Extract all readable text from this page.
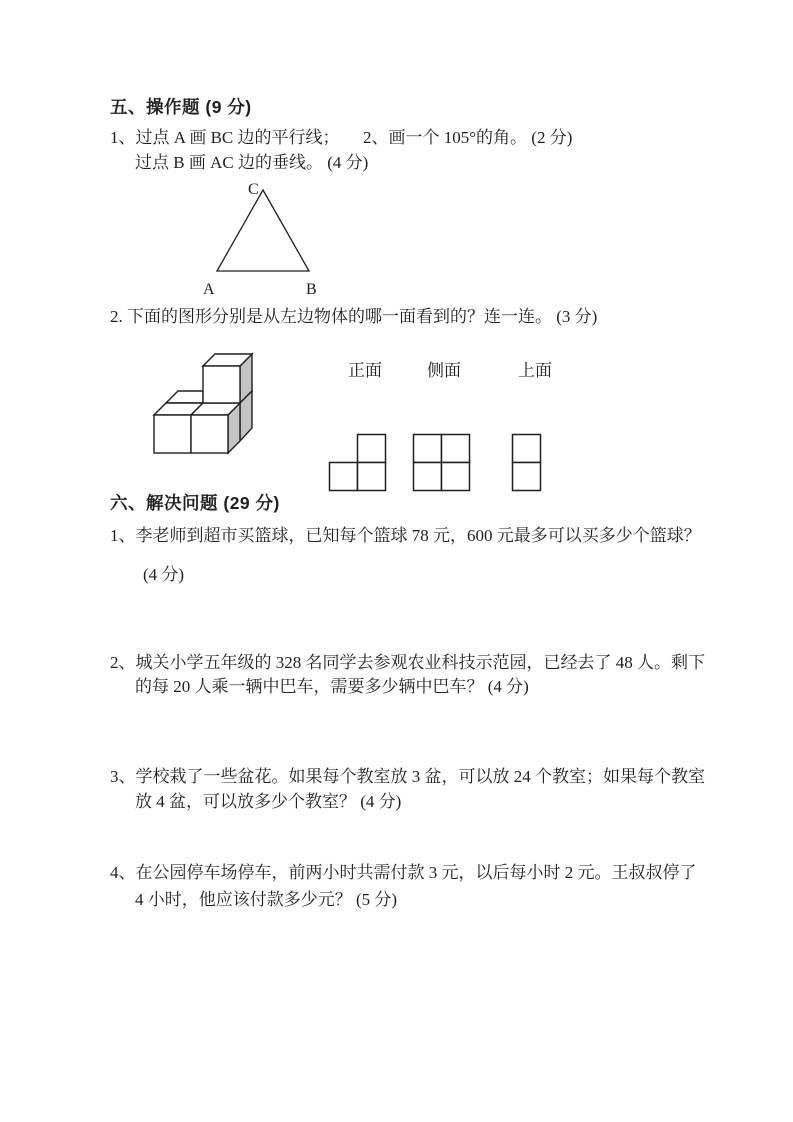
五、操作题 (9 分)
1、过点 A 画 BC 边的平行线； 2、画一个 105°的角。 (2 分)
过点 B 画 AC 边的垂线。 (4 分)
C
A	B
2. 下面的图形分别是从左边物体的哪一面看到的？连一连。 (3 分)
正面	侧面	上面
六、解决问题 (29 分)
1、李老师到超市买篮球，已知每个篮球 78 元，600 元最多可以买多少个篮球？
(4 分)
2、城关小学五年级的 328 名同学去参观农业科技示范园，已经去了 48 人。剩下
的每 20 人乘一辆中巴车，需要多少辆中巴车？ (4 分)
3、学校栽了一些盆花。如果每个教室放 3 盆，可以放 24 个教室；如果每个教室
放 4 盆，可以放多少个教室？ (4 分)
4、在公园停车场停车，前两小时共需付款 3 元，以后每小时 2 元。王叔叔停了
4 小时，他应该付款多少元？ (5 分)
